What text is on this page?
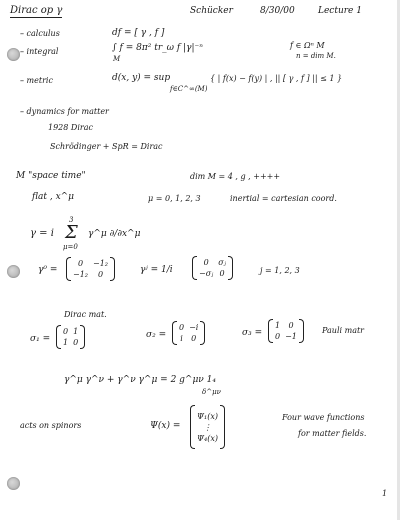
Dirac op γ	Schücker	8/30/00	Lecture 1
– calculus	df = [ γ , f ]
– integral	∫ f = 8π² tr_ω f |γ|⁻ⁿ
M
f ∈ Ωⁿ M
n = dim M.
– metric	d(x, y) = sup
f∈C^∞(M)
{ | f(x) − f(y) | , || [ γ , f ] || ≤ 1 }
– dynamics for matter
1928 Dirac
Schrödinger + SpR = Dirac
M "space time"	dim M = 4 , g , ++++
flat , x^μ	μ = 0, 1, 2, 3	inertial = cartesian coord.
γ = i
3
Σ
μ=0
γ^μ ∂/∂x^μ
γ⁰ =
0	−1₂
−1₂	0	γʲ = 1/i
0	σⱼ
−σⱼ 0	j = 1, 2, 3
Dirac mat.
σ₁ =
0 1
1 0
σ₂ =
0 −i
i 0
σ₃ =
1	0
0 −1
Pauli matr
γ^μ γ^ν + γ^ν γ^μ = 2 g^μν 1₄
δ^μν
acts on spinors	Ψ(x) =
Ψ₁(x)
⋮
Ψ₄(x)
Four wave functions
for matter fields.
1
